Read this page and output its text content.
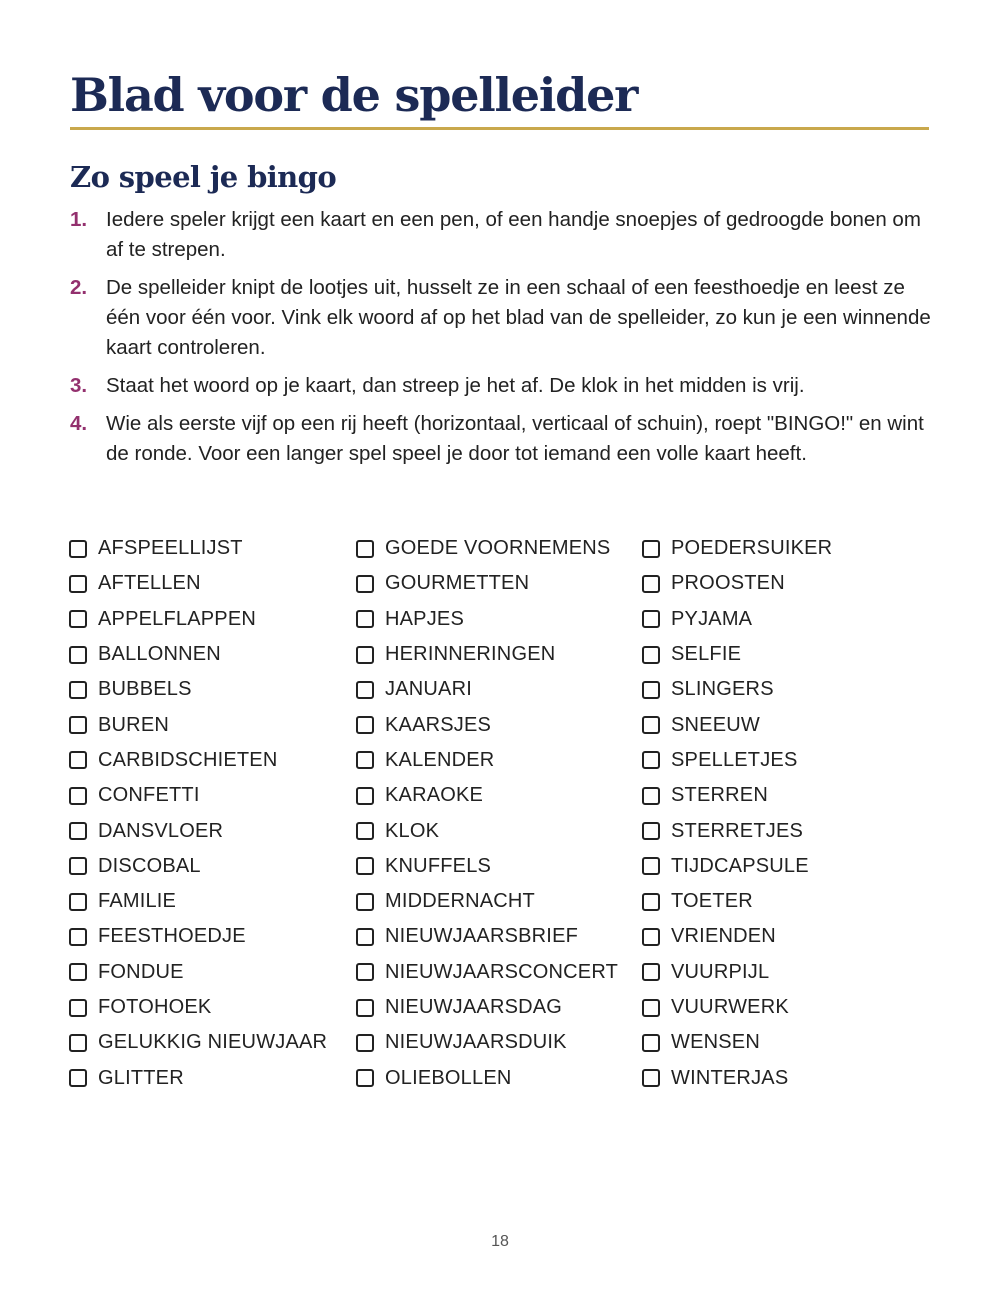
Blad voor de spelleider
Zo speel je bingo
1. Iedere speler krijgt een kaart en een pen, of een handje snoepjes of gedroogde bonen om af te strepen.
2. De spelleider knipt de lootjes uit, husselt ze in een schaal of een feesthoedje en leest ze één voor één voor. Vink elk woord af op het blad van de spelleider, zo kun je een winnende kaart controleren.
3. Staat het woord op je kaart, dan streep je het af. De klok in het midden is vrij.
4. Wie als eerste vijf op een rij heeft (horizontaal, verticaal of schuin), roept "BINGO!" en wint de ronde. Voor een langer spel speel je door tot iemand een volle kaart heeft.
AFSPEELLIJST
AFTELLEN
APPELFLAPPEN
BALLONNEN
BUBBELS
BUREN
CARBIDSCHIETEN
CONFETTI
DANSVLOER
DISCOBAL
FAMILIE
FEESTHOEDJE
FONDUE
FOTOHOEK
GELUKKIG NIEUWJAAR
GLITTER
GOEDE VOORNEMENS
GOURMETTEN
HAPJES
HERINNERINGEN
JANUARI
KAARSJES
KALENDER
KARAOKE
KLOK
KNUFFELS
MIDDERNACHT
NIEUWJAARSBRIEF
NIEUWJAARSCONCERT
NIEUWJAARSDAG
NIEUWJAARSDUIK
OLIEBOLLEN
POEDERSUIKER
PROOSTEN
PYJAMA
SELFIE
SLINGERS
SNEEUW
SPELLETJES
STERREN
STERRETJES
TIJDCAPSULE
TOETER
VRIENDEN
VUURPIJL
VUURWERK
WENSEN
WINTERJAS
18
